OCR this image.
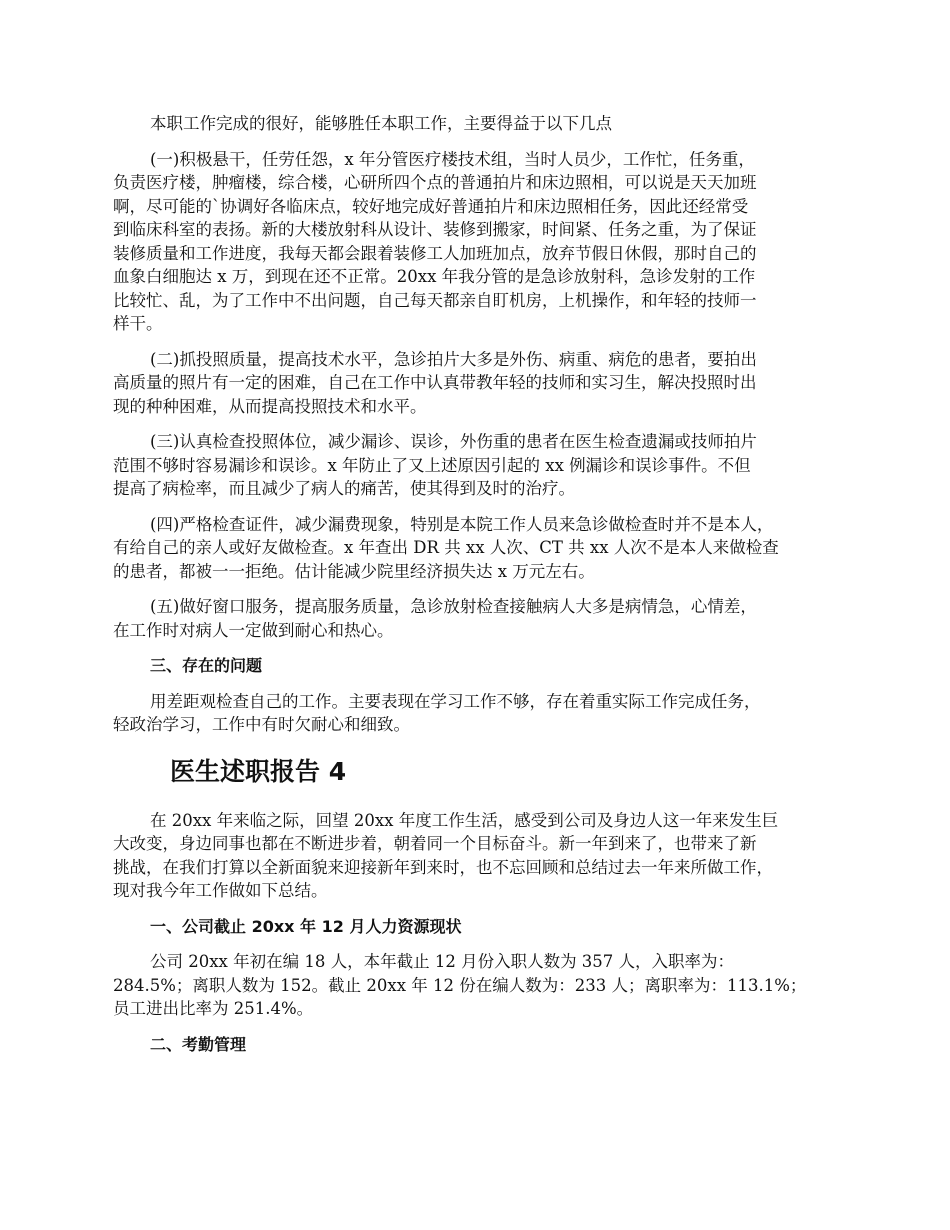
本职工作完成的很好，能够胜任本职工作，主要得益于以下几点

(一)积极悬干，任劳任怨，x 年分管医疗楼技术组，当时人员少，工作忙，任务重，
负责医疗楼，肿瘤楼，综合楼，心研所四个点的普通拍片和床边照相，可以说是天天加班
啊，尽可能的`协调好各临床点，较好地完成好普通拍片和床边照相任务，因此还经常受
到临床科室的表扬。新的大楼放射科从设计、装修到搬家，时间紧、任务之重，为了保证
装修质量和工作进度，我每天都会跟着装修工人加班加点，放弃节假日休假，那时自己的
血象白细胞达 x 万，到现在还不正常。20xx 年我分管的是急诊放射科，急诊发射的工作
比较忙、乱，为了工作中不出问题，自己每天都亲自盯机房，上机操作，和年轻的技师一
样干。

(二)抓投照质量，提高技术水平，急诊拍片大多是外伤、病重、病危的患者，要拍出
高质量的照片有一定的困难，自己在工作中认真带教年轻的技师和实习生，解决投照时出
现的种种困难，从而提高投照技术和水平。

(三)认真检查投照体位，减少漏诊、误诊，外伤重的患者在医生检查遗漏或技师拍片
范围不够时容易漏诊和误诊。x 年防止了又上述原因引起的 xx 例漏诊和误诊事件。不但
提高了病检率，而且减少了病人的痛苦，使其得到及时的治疗。

(四)严格检查证件，减少漏费现象，特别是本院工作人员来急诊做检查时并不是本人，
有给自己的亲人或好友做检查。x 年查出 DR 共 xx 人次、CT 共 xx 人次不是本人来做检查
的患者，都被一一拒绝。估计能减少院里经济损失达 x 万元左右。

(五)做好窗口服务，提高服务质量，急诊放射检查接触病人大多是病情急，心情差，
在工作时对病人一定做到耐心和热心。

三、存在的问题

用差距观检查自己的工作。主要表现在学习工作不够，存在着重实际工作完成任务，
轻政治学习，工作中有时欠耐心和细致。

医生述职报告 4

在 20xx 年来临之际，回望 20xx 年度工作生活，感受到公司及身边人这一年来发生巨
大改变，身边同事也都在不断进步着，朝着同一个目标奋斗。新一年到来了，也带来了新
挑战，在我们打算以全新面貌来迎接新年到来时，也不忘回顾和总结过去一年来所做工作，
现对我今年工作做如下总结。

一、公司截止 20xx 年 12 月人力资源现状

公司 20xx 年初在编 18 人，本年截止 12 月份入职人数为 357 人，入职率为：
284.5%；离职人数为 152。截止 20xx 年 12 份在编人数为：233 人；离职率为：113.1%；
员工进出比率为 251.4%。

二、考勤管理
